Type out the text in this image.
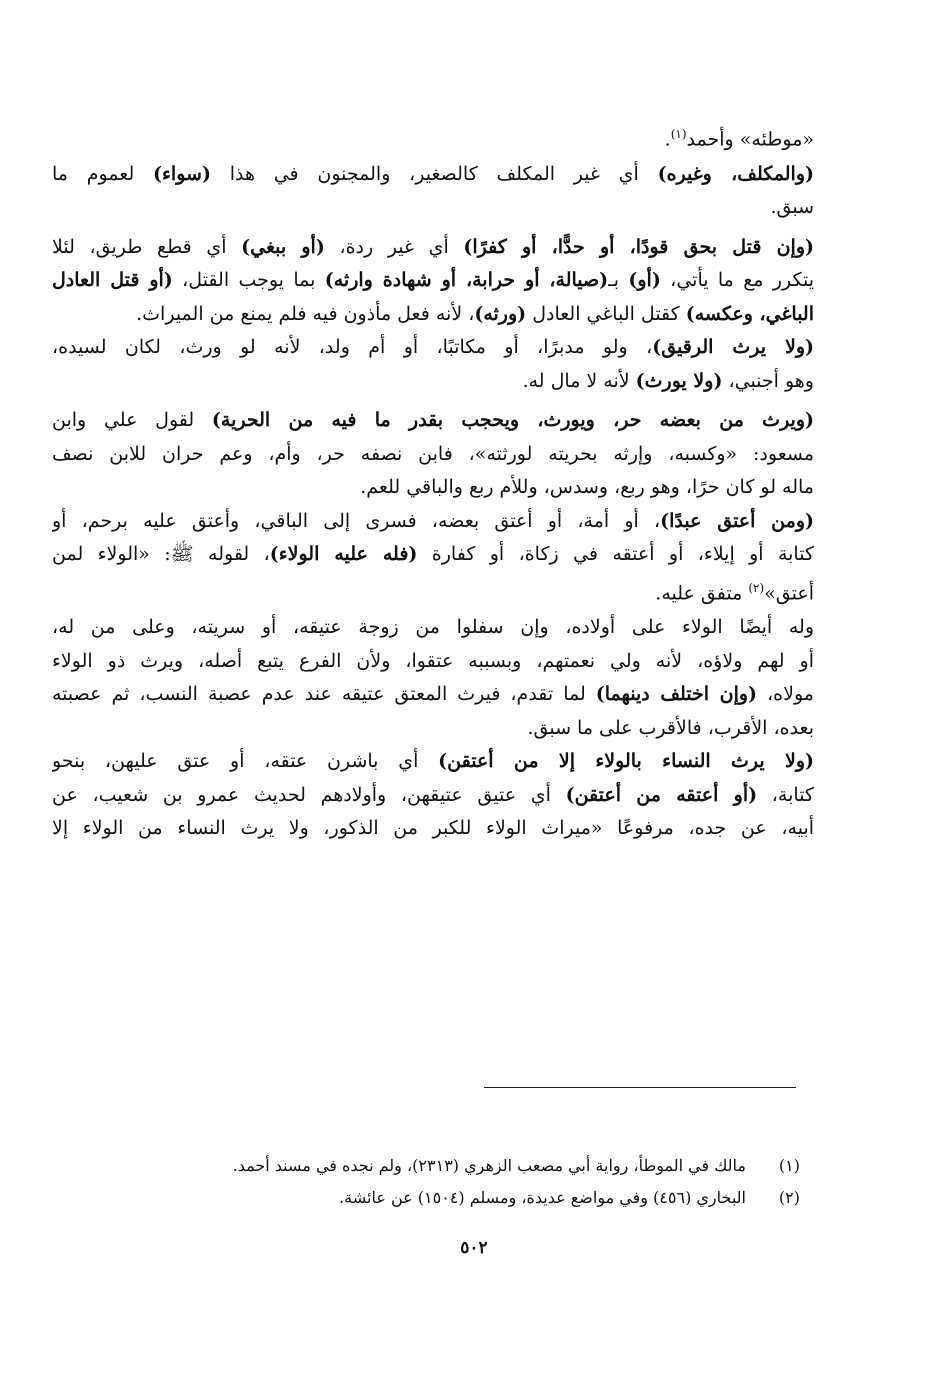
«موطئه» وأحمد$^{(١)}$.
(والمكلف، وغيره) أي غير المكلف كالصغير، والمجنون في هذا (سواء) لعموم ما
سبق.
(وإن قتل بحق قودًا، أو حدًّا، أو كفرًا) أي غير ردة، (أو ببغي) أي قطع طريق، لئلا
يتكرر مع ما يأتي، (أو) بـ(صيالة، أو حرابة، أو شهادة وارثه) بما يوجب القتل، (أو قتل العادل
الباغي، وعكسه) كقتل الباغي العادل (ورثه)، لأنه فعل مأذون فيه فلم يمنع من الميراث.
(ولا يرث الرقيق)، ولو مدبرًا، أو مكاتبًا، أو أم ولد، لأنه لو ورث، لكان لسيده،
وهو أجنبي، (ولا يورث) لأنه لا مال له.
(ويرث من بعضه حر، ويورث، ويحجب بقدر ما فيه من الحرية) لقول علي وابن
مسعود: «وكسبه، وإرثه بحريته لورثته»، فابن نصفه حر، وأم، وعم حران للابن نصف
ماله لو كان حرًا، وهو ربع، وسدس، وللأم ربع والباقي للعم.
(ومن أعتق عبدًا)، أو أمة، أو أعتق بعضه، فسرى إلى الباقي، وأعتق عليه برحم، أو
كتابة أو إيلاء، أو أعتقه في زكاة، أو كفارة (فله عليه الولاء)، لقوله ﷺ: «الولاء لمن
أعتق»$^{(٢)}$ متفق عليه.
وله أيضًا الولاء على أولاده، وإن سفلوا من زوجة عتيقه، أو سريته، وعلى من له،
أو لهم ولاؤه، لأنه ولي نعمتهم، وبسببه عتقوا، ولأن الفرع يتبع أصله، ويرث ذو الولاء
مولاه، (وإن اختلف دينهما) لما تقدم، فيرث المعتق عتيقه عند عدم عصبة النسب، ثم عصبته
بعده، الأقرب، فالأقرب على ما سبق.
(ولا يرث النساء بالولاء إلا من أعتقن) أي باشرن عتقه، أو عتق عليهن، بنحو
كتابة، (أو أعتقه من أعتقن) أي عتيق عتيقهن، وأولادهم لحديث عمرو بن شعيب، عن
أبيه، عن جده، مرفوعًا «ميراث الولاء للكبر من الذكور، ولا يرث النساء من الولاء إلا
(١)
مالك في الموطأ، رواية أبي مصعب الزهري (٢٣١٣)، ولم نجده في مسند أحمد.
(٢)
البخاري (٤٥٦) وفي مواضع عديدة، ومسلم (١٥٠٤) عن عائشة.
٥٠٢
